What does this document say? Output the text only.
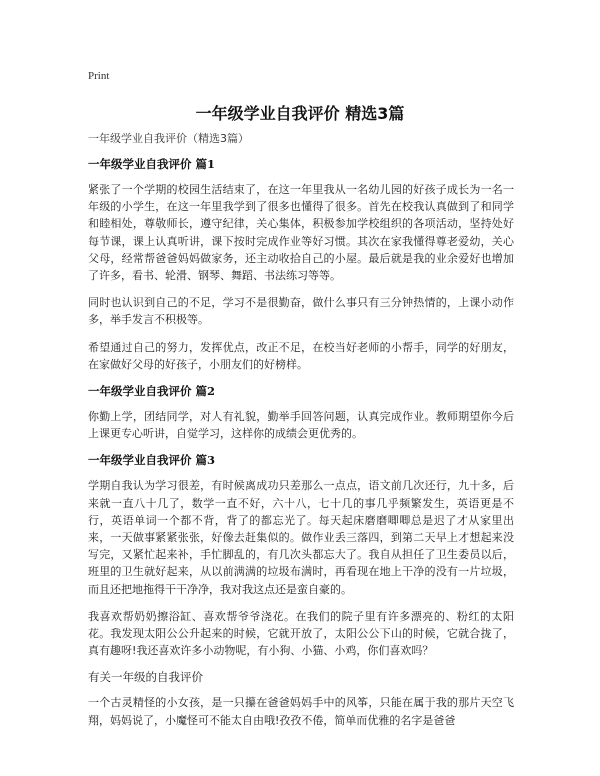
Print
一年级学业自我评价 精选3篇

一年级学业自我评价（精选3篇）

一年级学业自我评价 篇1

紧张了一个学期的校园生活结束了，在这一年里我从一名幼儿园的好孩子成长为一名一年级的小学生，在这一年里我学到了很多也懂得了很多。首先在校我认真做到了和同学和睦相处，尊敬师长，遵守纪律，关心集体，积极参加学校组织的各项活动，坚持处好每节课，课上认真听讲，课下按时完成作业等好习惯。其次在家我懂得尊老爱幼，关心父母，经常帮爸爸妈妈做家务，还主动收拾自己的小屋。最后就是我的业余爱好也增加了许多，看书、轮滑、钢琴、舞蹈、书法练习等等。

同时也认识到自己的不足，学习不是很勤奋，做什么事只有三分钟热情的，上课小动作多，举手发言不积极等。

希望通过自己的努力，发挥优点，改正不足，在校当好老师的小帮手，同学的好朋友，在家做好父母的好孩子，小朋友们的好榜样。

一年级学业自我评价 篇2

你勤上学，团结同学，对人有礼貌，勤举手回答问题，认真完成作业。教师期望你今后上课更专心听讲，自觉学习，这样你的成绩会更优秀的。

一年级学业自我评价 篇3

学期自我认为学习很差，有时候离成功只差那么一点点，语文前几次还行，九十多，后来就一直八十几了，数学一直不好，六十八，七十几的事几乎频繁发生，英语更是不行，英语单词一个都不背，背了的都忘光了。每天起床磨磨唧唧总是迟了才从家里出来，一天做事紧紧张张，好像去赶集似的。做作业丢三落四，到第二天早上才想起来没写完，又紧忙起来补，手忙脚乱的，有几次头都忘大了。我自从担任了卫生委员以后，班里的卫生就好起来，从以前满满的垃圾布满时，再看现在地上干净的没有一片垃圾，而且还把地拖得干干净净，我对我这点还是蛮自豪的。

我喜欢帮奶奶擦浴缸、喜欢帮爷爷浇花。在我们的院子里有许多漂亮的、粉红的太阳花。我发现太阳公公升起来的时候，它就开放了，太阳公公下山的时候，它就合拢了，真有趣呀!我还喜欢许多小动物呢，有小狗、小猫、小鸡，你们喜欢吗？

有关一年级的自我评价

一个古灵精怪的小女孩，是一只攥在爸爸妈妈手中的风筝，只能在属于我的那片天空飞翔，妈妈说了，小魔怪可不能太自由哦!孜孜不倦，简单而优雅的名字是爸爸
